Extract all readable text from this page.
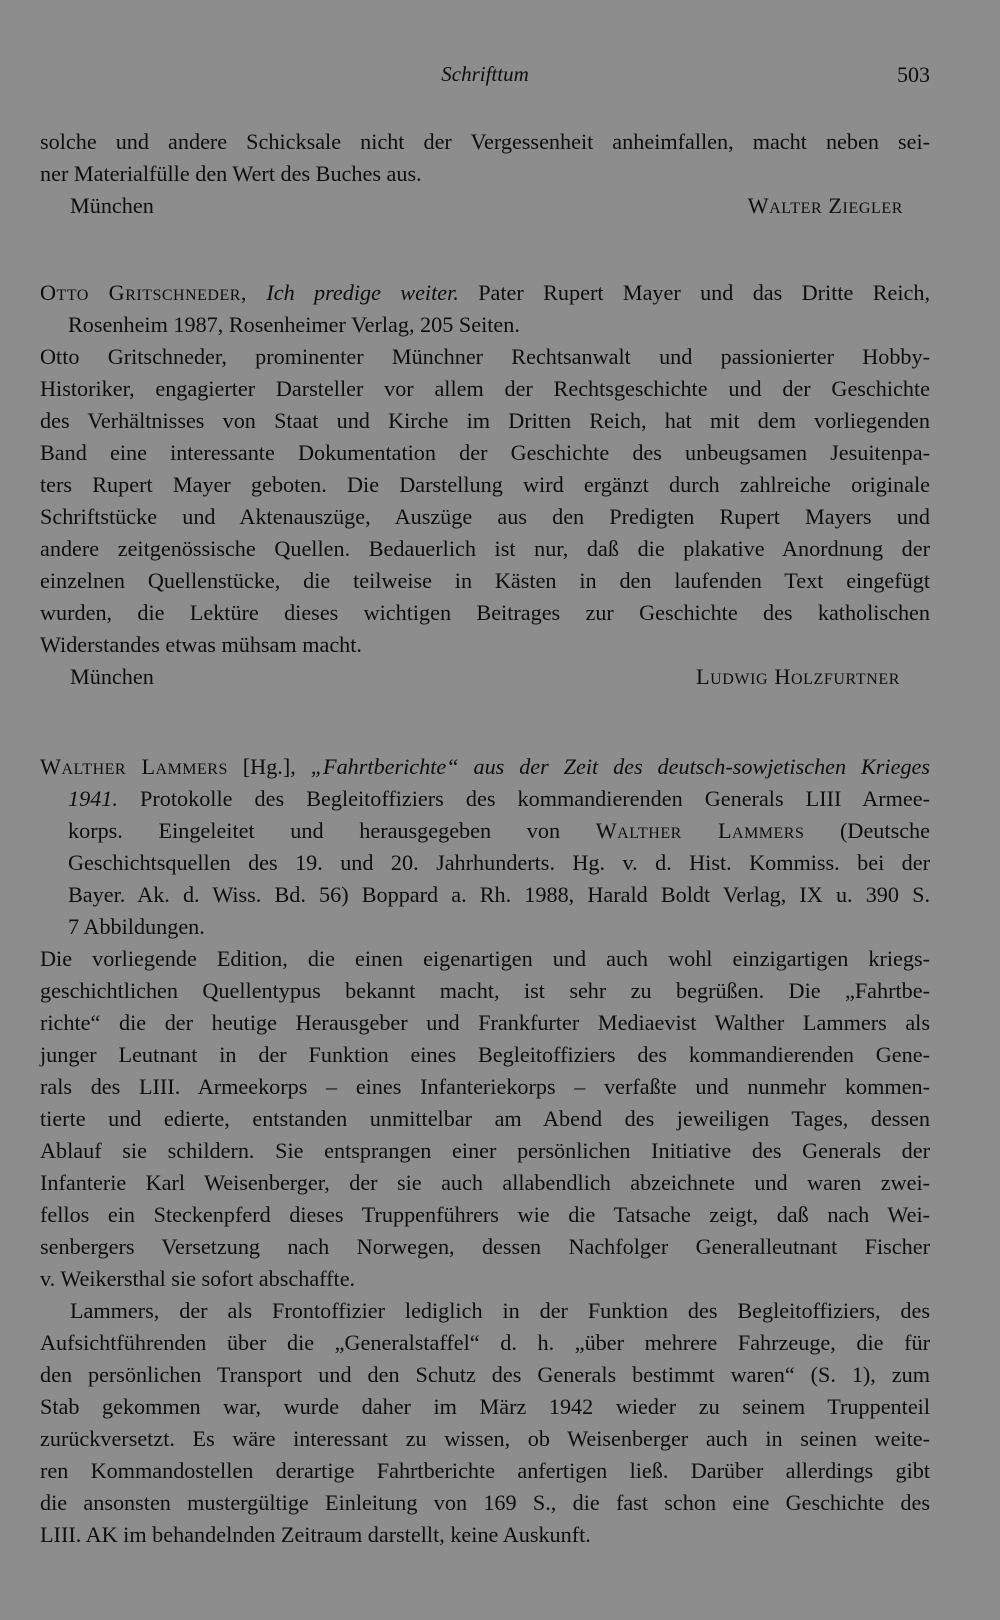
Schrifttum	503
solche und andere Schicksale nicht der Vergessenheit anheimfallen, macht neben sei-
ner Materialfülle den Wert des Buches aus.
München	Walter Ziegler
Otto Gritschneder, Ich predige weiter. Pater Rupert Mayer und das Dritte Reich,
Rosenheim 1987, Rosenheimer Verlag, 205 Seiten.
Otto Gritschneder, prominenter Münchner Rechtsanwalt und passionierter Hobby-
Historiker, engagierter Darsteller vor allem der Rechtsgeschichte und der Geschichte
des Verhältnisses von Staat und Kirche im Dritten Reich, hat mit dem vorliegenden
Band eine interessante Dokumentation der Geschichte des unbeugsamen Jesuitenpa-
ters Rupert Mayer geboten. Die Darstellung wird ergänzt durch zahlreiche originale
Schriftstücke und Aktenauszüge, Auszüge aus den Predigten Rupert Mayers und
andere zeitgenössische Quellen. Bedauerlich ist nur, daß die plakative Anordnung der
einzelnen Quellenstücke, die teilweise in Kästen in den laufenden Text eingefügt
wurden, die Lektüre dieses wichtigen Beitrages zur Geschichte des katholischen
Widerstandes etwas mühsam macht.
München	Ludwig Holzfurtner
Walther Lammers [Hg.], „Fahrtberichte“ aus der Zeit des deutsch-sowjetischen Krieges
1941. Protokolle des Begleitoffiziers des kommandierenden Generals LIII Armee-
korps. Eingeleitet und herausgegeben von Walther Lammers (Deutsche
Geschichtsquellen des 19. und 20. Jahrhunderts. Hg. v. d. Hist. Kommiss. bei der
Bayer. Ak. d. Wiss. Bd. 56) Boppard a. Rh. 1988, Harald Boldt Verlag, IX u. 390 S.
7 Abbildungen.
Die vorliegende Edition, die einen eigenartigen und auch wohl einzigartigen kriegs-
geschichtlichen Quellentypus bekannt macht, ist sehr zu begrüßen. Die „Fahrtbe-
richte“ die der heutige Herausgeber und Frankfurter Mediaevist Walther Lammers als
junger Leutnant in der Funktion eines Begleitoffiziers des kommandierenden Gene-
rals des LIII. Armeekorps – eines Infanteriekorps – verfaßte und nunmehr kommen-
tierte und edierte, entstanden unmittelbar am Abend des jeweiligen Tages, dessen
Ablauf sie schildern. Sie entsprangen einer persönlichen Initiative des Generals der
Infanterie Karl Weisenberger, der sie auch allabendlich abzeichnete und waren zwei-
fellos ein Steckenpferd dieses Truppenführers wie die Tatsache zeigt, daß nach Wei-
senbergers Versetzung nach Norwegen, dessen Nachfolger Generalleutnant Fischer
v. Weikersthal sie sofort abschaffte.
Lammers, der als Frontoffizier lediglich in der Funktion des Begleitoffiziers, des
Aufsichtführenden über die „Generalstaffel“ d. h. „über mehrere Fahrzeuge, die für
den persönlichen Transport und den Schutz des Generals bestimmt waren“ (S. 1), zum
Stab gekommen war, wurde daher im März 1942 wieder zu seinem Truppenteil
zurückversetzt. Es wäre interessant zu wissen, ob Weisenberger auch in seinen weite-
ren Kommandostellen derartige Fahrtberichte anfertigen ließ. Darüber allerdings gibt
die ansonsten mustergültige Einleitung von 169 S., die fast schon eine Geschichte des
LIII. AK im behandelnden Zeitraum darstellt, keine Auskunft.
